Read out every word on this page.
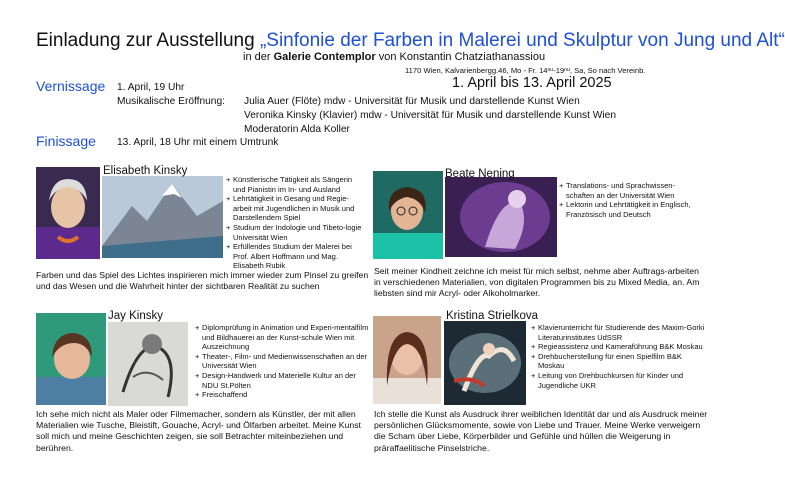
Einladung zur Ausstellung „Sinfonie der Farben in Malerei und Skulptur von Jung und Alt“
in der Galerie Contemplor von Konstantin Chatziathanassiou
1170 Wien, Kalvarienbergg.46, Mo - Fr. 14ⁿᵘ-19ⁿᵘ, Sa, So nach Vereinb.
1. April bis 13. April 2025
Vernissage 1. April, 19 Uhr
Musikalische Eröffnung: Julia Auer (Flöte) mdw - Universität für Musik und darstellende Kunst Wien
Veronika Kinsky (Klavier) mdw - Universität für Musik und darstellende Kunst Wien
Moderatorin Alda Koller
Finissage 13. April, 18 Uhr mit einem Umtrunk
Elisabeth Kinsky
+ Künstlerische Tätigkeit als Sängerin und Pianistin im In- und Ausland
+ Lehrtätigkeit in Gesang und Regie-arbeit mit Jugendlichen in Musik und Darstellendem Spiel
+ Studium der Indologie und Tibeto-logie Universität Wien
+ Erfüllendes Studium der Malerei bei Prof. Albert Hoffmann und Mag. Elisabeth Rubik
Farben und das Spiel des Lichtes inspirieren mich immer wieder zum Pinsel zu greifen und das Wesen und die Wahrheit hinter der sichtbaren Realität zu suchen
Beate Nening
+ Translations- und Sprachwissen-schaften an der Universität Wien
+ Lektorin und Lehrtätigkeit in Englisch, Französisch und Deutsch
Seit meiner Kindheit zeichne ich meist für mich selbst, nehme aber Auftrags-arbeiten in verschiedenen Materialien, von digitalen Programmen bis zu Mixed Media, an. Am liebsten sind mir Acryl- oder Alkoholmarker.
Jay Kinsky
+ Diplomprüfung in Animation und Experi-mentalfilm und Bildhauerei an der Kunst-schule Wien mit Auszeichnung
+ Theater-, Film- und Medienwissenschaften an der Universität Wien
+ Design-Handwerk und Materielle Kultur an der NDU St.Pölten
+ Freischaffend
Ich sehe mich nicht als Maler oder Filmemacher, sondern als Künstler, der mit allen Materialien wie Tusche, Bleistift, Gouache, Acryl- und Ölfarben arbeitet. Meine Kunst soll mich und meine Geschichten zeigen, sie soll Betrachter miteinbeziehen und berühren.
Kristina Strielkova
+ Klavierunterricht für Studierende des Maxim-Gorki Literaturinstitutes UdSSR
+ Regieassistenz und Kameraführung B&K Moskau
+ Drehbucherstellung für einen Spielfilm B&K Moskau
+ Leitung von Drehbuchkursen für Kinder und Jugendliche UKR
Ich stelle die Kunst als Ausdruck ihrer weiblichen Identität dar und als Ausdruck meiner persönlichen Glücksmomente, sowie von Liebe und Trauer. Meine Werke verweigern die Scham über Liebe, Körperbilder und Gefühle und hüllen die Weigerung in präraffaelitische Pinselstriche.
